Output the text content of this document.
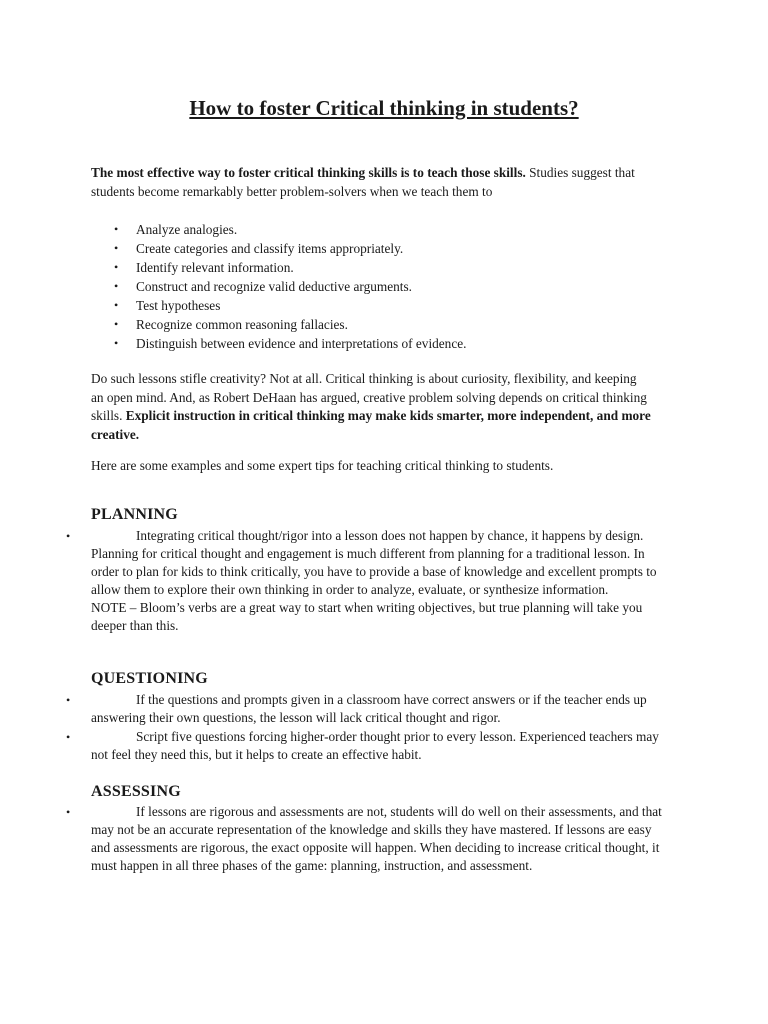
How to foster Critical thinking in students?

The most effective way to foster critical thinking skills is to teach those skills. Studies suggest that students become remarkably better problem-solvers when we teach them to

• Analyze analogies.
• Create categories and classify items appropriately.
• Identify relevant information.
• Construct and recognize valid deductive arguments.
• Test hypotheses
• Recognize common reasoning fallacies.
• Distinguish between evidence and interpretations of evidence.

Do such lessons stifle creativity? Not at all. Critical thinking is about curiosity, flexibility, and keeping an open mind. And, as Robert DeHaan has argued, creative problem solving depends on critical thinking skills. Explicit instruction in critical thinking may make kids smarter, more independent, and more creative.

Here are some examples and some expert tips for teaching critical thinking to students.

PLANNING
•	Integrating critical thought/rigor into a lesson does not happen by chance, it happens by design. Planning for critical thought and engagement is much different from planning for a traditional lesson. In order to plan for kids to think critically, you have to provide a base of knowledge and excellent prompts to allow them to explore their own thinking in order to analyze, evaluate, or synthesize information.
NOTE – Bloom’s verbs are a great way to start when writing objectives, but true planning will take you deeper than this.

QUESTIONING
•	If the questions and prompts given in a classroom have correct answers or if the teacher ends up answering their own questions, the lesson will lack critical thought and rigor.

•	Script five questions forcing higher-order thought prior to every lesson. Experienced teachers may not feel they need this, but it helps to create an effective habit.

ASSESSING
•	If lessons are rigorous and assessments are not, students will do well on their assessments, and that may not be an accurate representation of the knowledge and skills they have mastered. If lessons are easy and assessments are rigorous, the exact opposite will happen. When deciding to increase critical thought, it must happen in all three phases of the game: planning, instruction, and assessment.
